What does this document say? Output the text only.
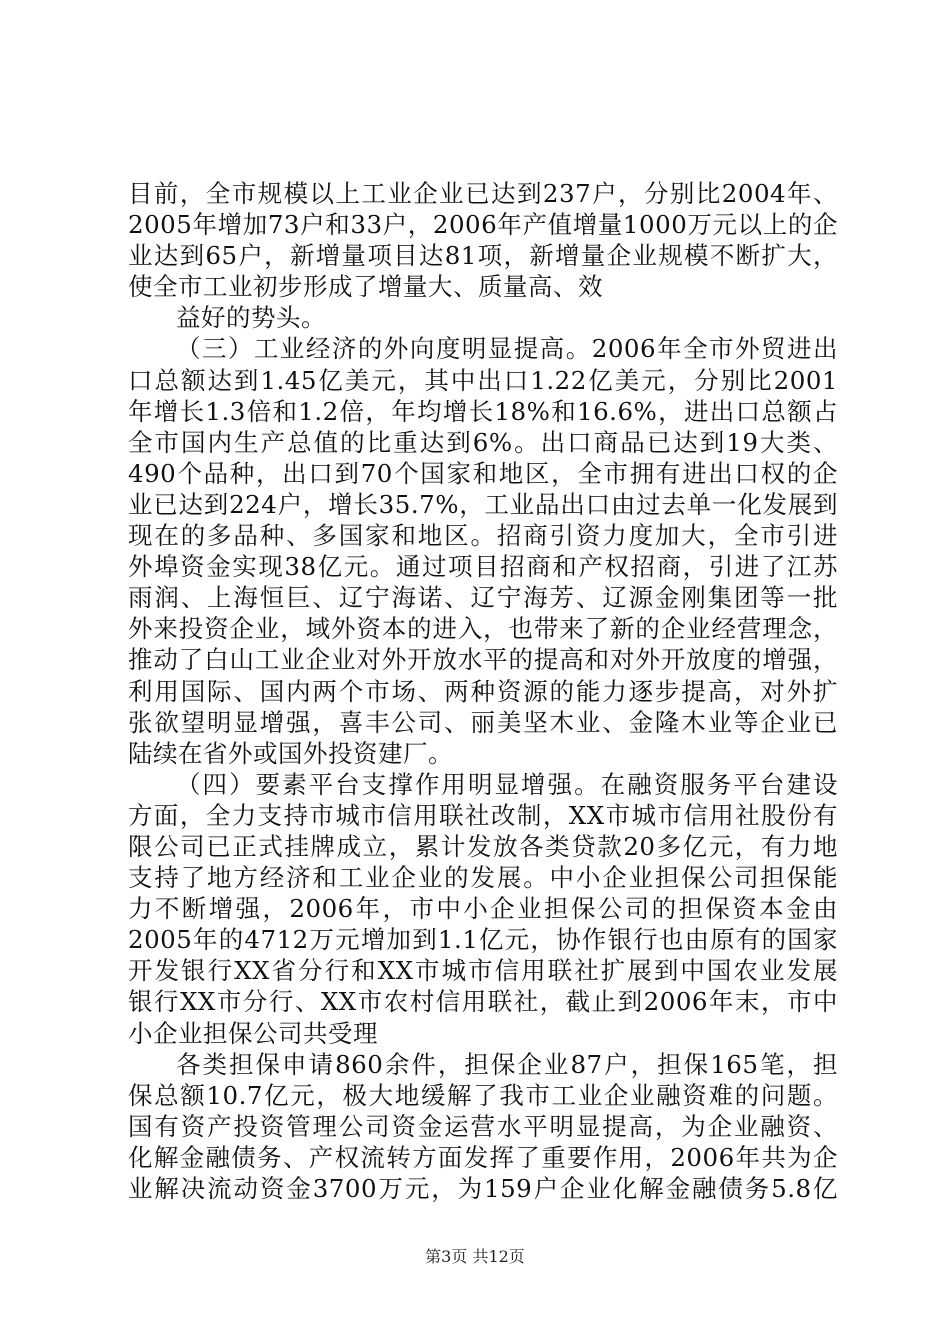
目前，全市规模以上工业企业已达到237户，分别比2004年、
2005年增加73户和33户，2006年产值增量1000万元以上的企
业达到65户，新增量项目达81项，新增量企业规模不断扩大，
使全市工业初步形成了增量大、质量高、效
益好的势头。
（三）工业经济的外向度明显提高。2006年全市外贸进出
口总额达到1.45亿美元，其中出口1.22亿美元，分别比2001
年增长1.3倍和1.2倍，年均增长18%和16.6%，进出口总额占
全市国内生产总值的比重达到6%。出口商品已达到19大类、
490个品种，出口到70个国家和地区，全市拥有进出口权的企
业已达到224户，增长35.7%，工业品出口由过去单一化发展到
现在的多品种、多国家和地区。招商引资力度加大，全市引进
外埠资金实现38亿元。通过项目招商和产权招商，引进了江苏
雨润、上海恒巨、辽宁海诺、辽宁海芳、辽源金刚集团等一批
外来投资企业，域外资本的进入，也带来了新的企业经营理念，
推动了白山工业企业对外开放水平的提高和对外开放度的增强，
利用国际、国内两个市场、两种资源的能力逐步提高，对外扩
张欲望明显增强，喜丰公司、丽美坚木业、金隆木业等企业已
陆续在省外或国外投资建厂。
（四）要素平台支撑作用明显增强。在融资服务平台建设
方面，全力支持市城市信用联社改制，XX市城市信用社股份有
限公司已正式挂牌成立，累计发放各类贷款20多亿元，有力地
支持了地方经济和工业企业的发展。中小企业担保公司担保能
力不断增强，2006年，市中小企业担保公司的担保资本金由
2005年的4712万元增加到1.1亿元，协作银行也由原有的国家
开发银行XX省分行和XX市城市信用联社扩展到中国农业发展
银行XX市分行、XX市农村信用联社，截止到2006年末，市中
小企业担保公司共受理
各类担保申请860余件，担保企业87户，担保165笔，担
保总额10.7亿元，极大地缓解了我市工业企业融资难的问题。
国有资产投资管理公司资金运营水平明显提高，为企业融资、
化解金融债务、产权流转方面发挥了重要作用，2006年共为企
业解决流动资金3700万元，为159户企业化解金融债务5.8亿
第3页 共12页
